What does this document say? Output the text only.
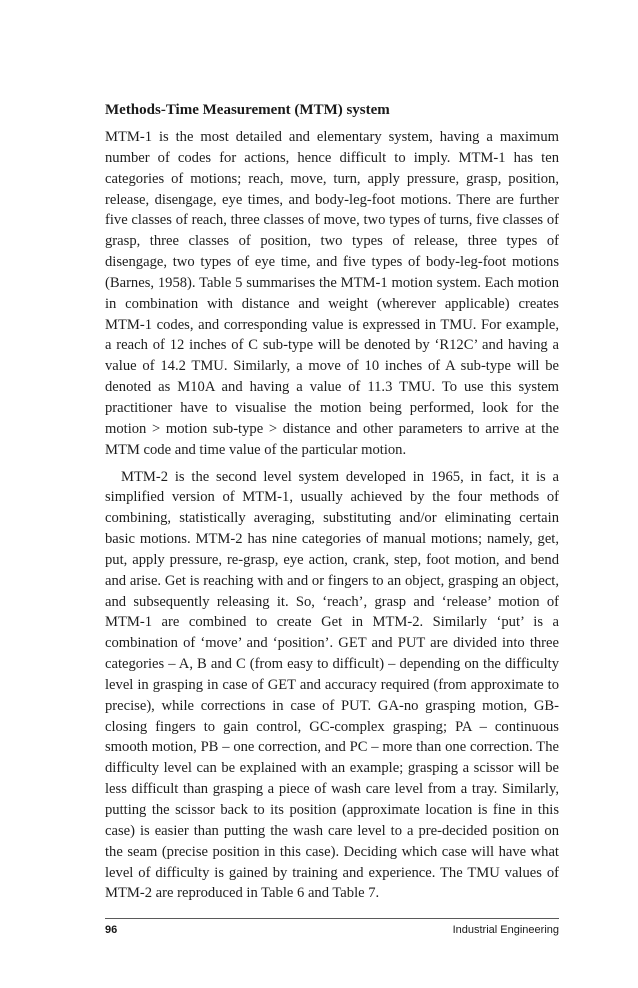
Methods-Time Measurement (MTM) system

MTM-1 is the most detailed and elementary system, having a maximum number of codes for actions, hence difficult to imply. MTM-1 has ten categories of motions; reach, move, turn, apply pressure, grasp, position, release, disengage, eye times, and body-leg-foot motions. There are further five classes of reach, three classes of move, two types of turns, five classes of grasp, three classes of position, two types of release, three types of disengage, two types of eye time, and five types of body-leg-foot motions (Barnes, 1958). Table 5 summarises the MTM-1 motion system. Each motion in combination with distance and weight (wherever applicable) creates MTM-1 codes, and corresponding value is expressed in TMU. For example, a reach of 12 inches of C sub-type will be denoted by ‘R12C’ and having a value of 14.2 TMU. Similarly, a move of 10 inches of A sub-type will be denoted as M10A and having a value of 11.3 TMU. To use this system practitioner have to visualise the motion being performed, look for the motion > motion sub-type > distance and other parameters to arrive at the MTM code and time value of the particular motion.

MTM-2 is the second level system developed in 1965, in fact, it is a simplified version of MTM-1, usually achieved by the four methods of combining, statistically averaging, substituting and/or eliminating certain basic motions. MTM-2 has nine categories of manual motions; namely, get, put, apply pressure, re-grasp, eye action, crank, step, foot motion, and bend and arise. Get is reaching with and or fingers to an object, grasping an object, and subsequently releasing it. So, ‘reach’, grasp and ‘release’ motion of MTM-1 are combined to create Get in MTM-2. Similarly ‘put’ is a combination of ‘move’ and ‘position’. GET and PUT are divided into three categories – A, B and C (from easy to difficult) – depending on the difficulty level in grasping in case of GET and accuracy required (from approximate to precise), while corrections in case of PUT. GA-no grasping motion, GB-closing fingers to gain control, GC-complex grasping; PA – continuous smooth motion, PB – one correction, and PC – more than one correction. The difficulty level can be explained with an example; grasping a scissor will be less difficult than grasping a piece of wash care level from a tray. Similarly, putting the scissor back to its position (approximate location is fine in this case) is easier than putting the wash care level to a pre-decided position on the seam (precise position in this case). Deciding which case will have what level of difficulty is gained by training and experience. The TMU values of MTM-2 are reproduced in Table 6 and Table 7.

96	Industrial Engineering
